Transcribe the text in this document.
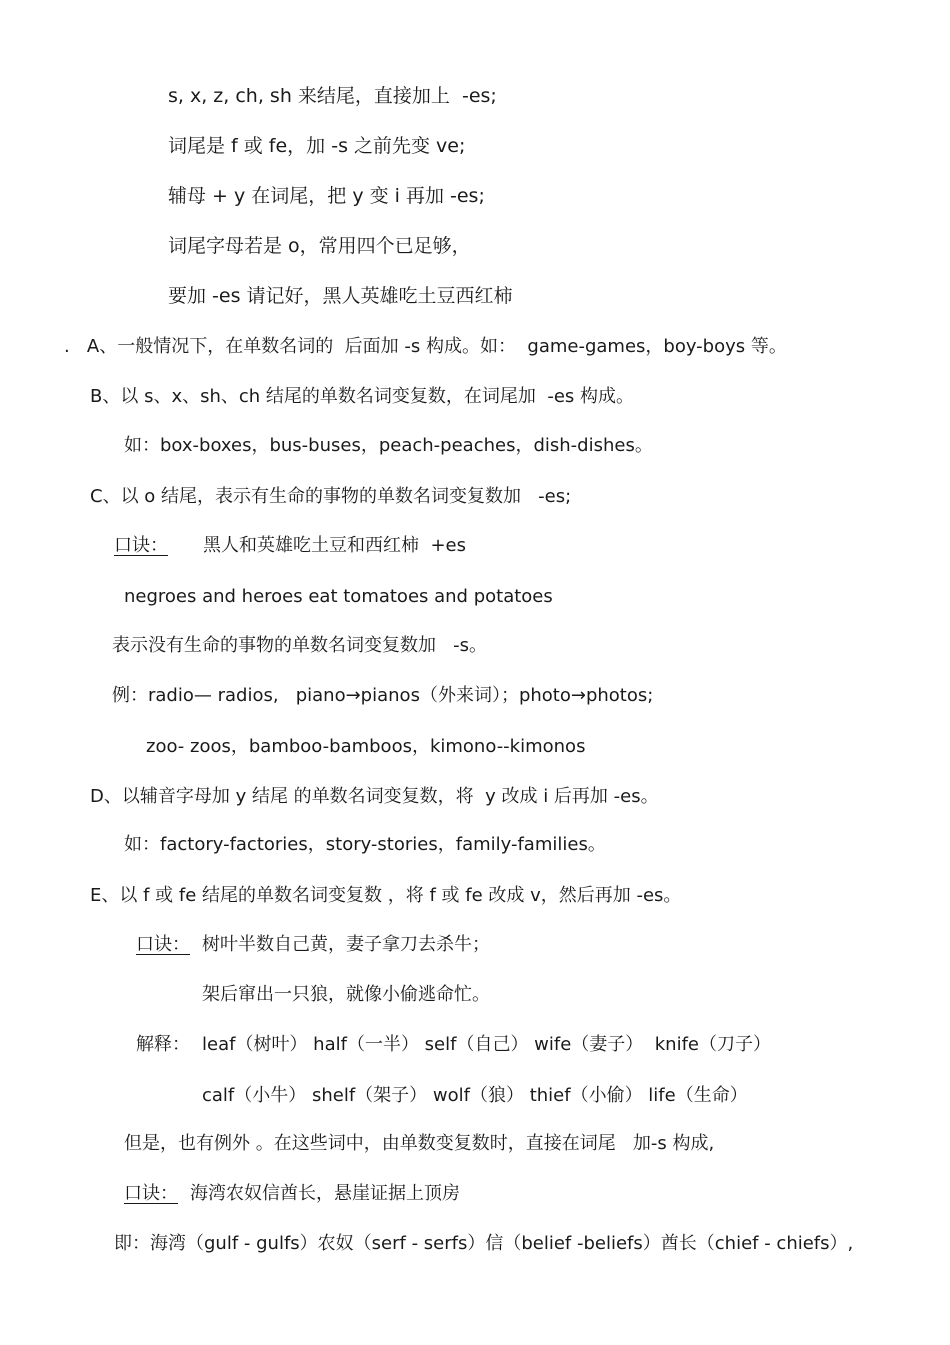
s, x, z, ch, sh 来结尾，直接加上  -es;
词尾是 f 或 fe，加 -s 之前先变 ve;
辅母 + y 在词尾，把 y 变 i 再加 -es;
词尾字母若是 o，常用四个已足够，
要加 -es 请记好，黑人英雄吃土豆西红柿
.   A、一般情况下，在单数名词的  后面加 -s 构成。如：  game-games，boy-boys 等。
B、以 s、x、sh、ch 结尾的单数名词变复数，在词尾加  -es 构成。
如：box-boxes，bus-buses，peach-peaches，dish-dishes。
C、以 o 结尾，表示有生命的事物的单数名词变复数加   -es;
口诀： 黑人和英雄吃土豆和西红柿  +es
negroes and heroes eat tomatoes and potatoes
表示没有生命的事物的单数名词变复数加   -s。
例：radio— radios,   piano→pianos（外来词）；photo→photos;
zoo- zoos，bamboo-bamboos，kimono--kimonos
D、以辅音字母加 y 结尾 的单数名词变复数，将  y 改成 i 后再加 -es。
如：factory-factories，story-stories，family-families。
E、以 f 或 fe 结尾的单数名词变复数 ，将 f 或 fe 改成 v，然后再加 -es。
口诀： 树叶半数自己黄，妻子拿刀去杀牛；
架后窜出一只狼，就像小偷逃命忙。
解释： leaf（树叶） half（一半） self（自己） wife（妻子）  knife（刀子）
calf（小牛） shelf（架子） wolf（狼） thief（小偷） life（生命）
但是，也有例外 。在这些词中，由单数变复数时，直接在词尾   加-s 构成,
口诀： 海湾农奴信酋长，悬崖证据上顶房
即：海湾（gulf - gulfs）农奴（serf - serfs）信（belief -beliefs）酋长（chief - chiefs）,
